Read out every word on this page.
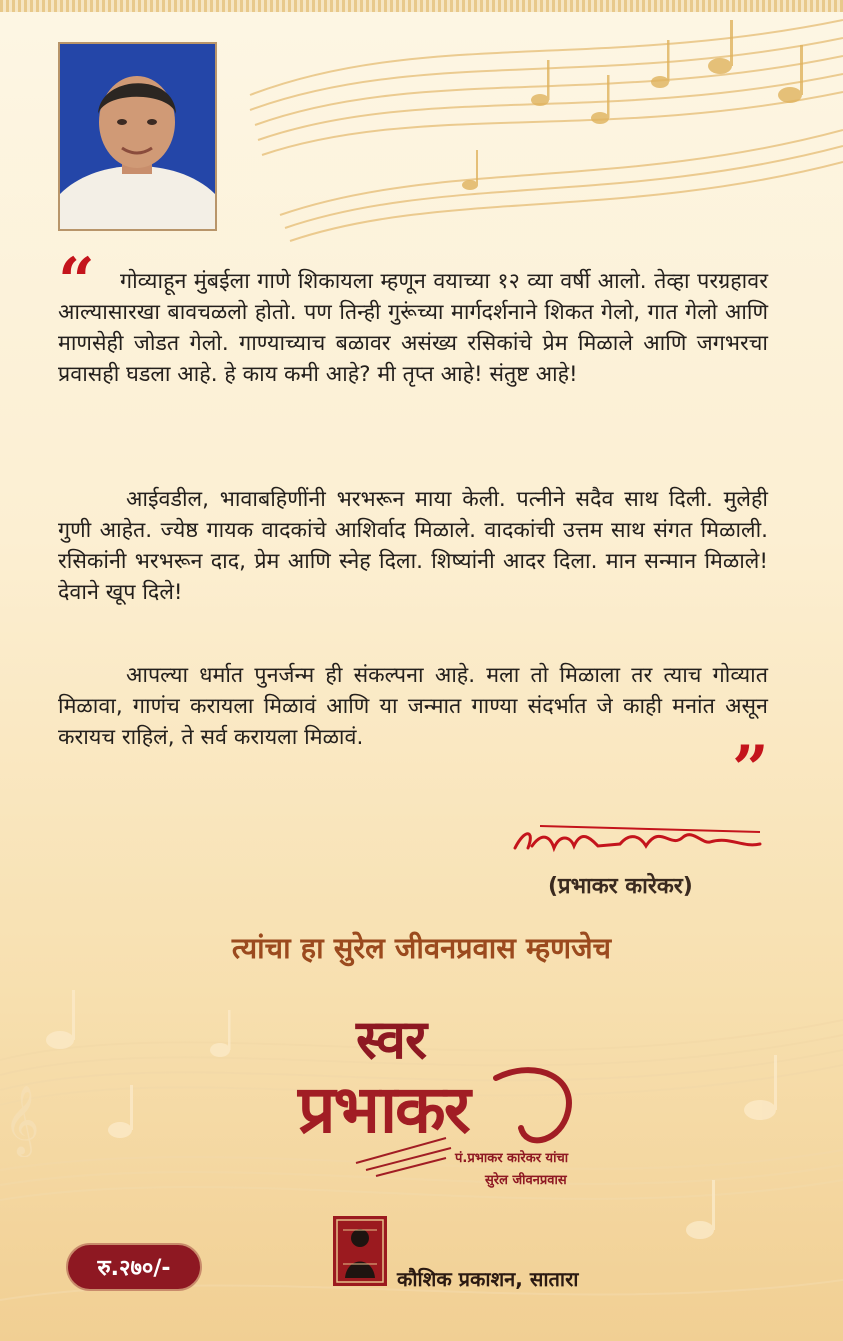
𝄞
“	गोव्याहून मुंबईला गाणे शिकायला म्हणून वयाच्या १२ व्या वर्षी आलो. तेव्हा परग्रहावर आल्यासारखा बावचळलो होतो. पण तिन्ही गुरूंच्या मार्गदर्शनाने शिकत गेलो, गात गेलो आणि माणसेही जोडत गेलो. गाण्याच्याच बळावर असंख्य रसिकांचे प्रेम मिळाले आणि जगभरचा प्रवासही घडला आहे. हे काय कमी आहे? मी तृप्त आहे! संतुष्ट आहे!

आईवडील, भावाबहिणींनी भरभरून माया केली. पत्नीने सदैव साथ दिली. मुलेही गुणी आहेत. ज्येष्ठ गायक वादकांचे आशिर्वाद मिळाले. वादकांची उत्तम साथ संगत मिळाली. रसिकांनी भरभरून दाद, प्रेम आणि स्नेह दिला. शिष्यांनी आदर दिला. मान सन्मान मिळाले! देवाने खूप दिले!

आपल्या धर्मात पुनर्जन्म ही संकल्पना आहे. मला तो मिळाला तर त्याच गोव्यात मिळावा, गाणंच करायला मिळावं आणि या जन्मात गाण्या संदर्भात जे काही मनांत असून करायच राहिलं, ते सर्व करायला मिळावं.	”
(प्रभाकर कारेकर)
त्यांचा हा सुरेल जीवनप्रवास म्हणजेच
स्वर
प्रभाकर
पं.प्रभाकर कारेकर यांचा
सुरेल जीवनप्रवास
रु.२७०/-	कौशिक प्रकाशन, सातारा
